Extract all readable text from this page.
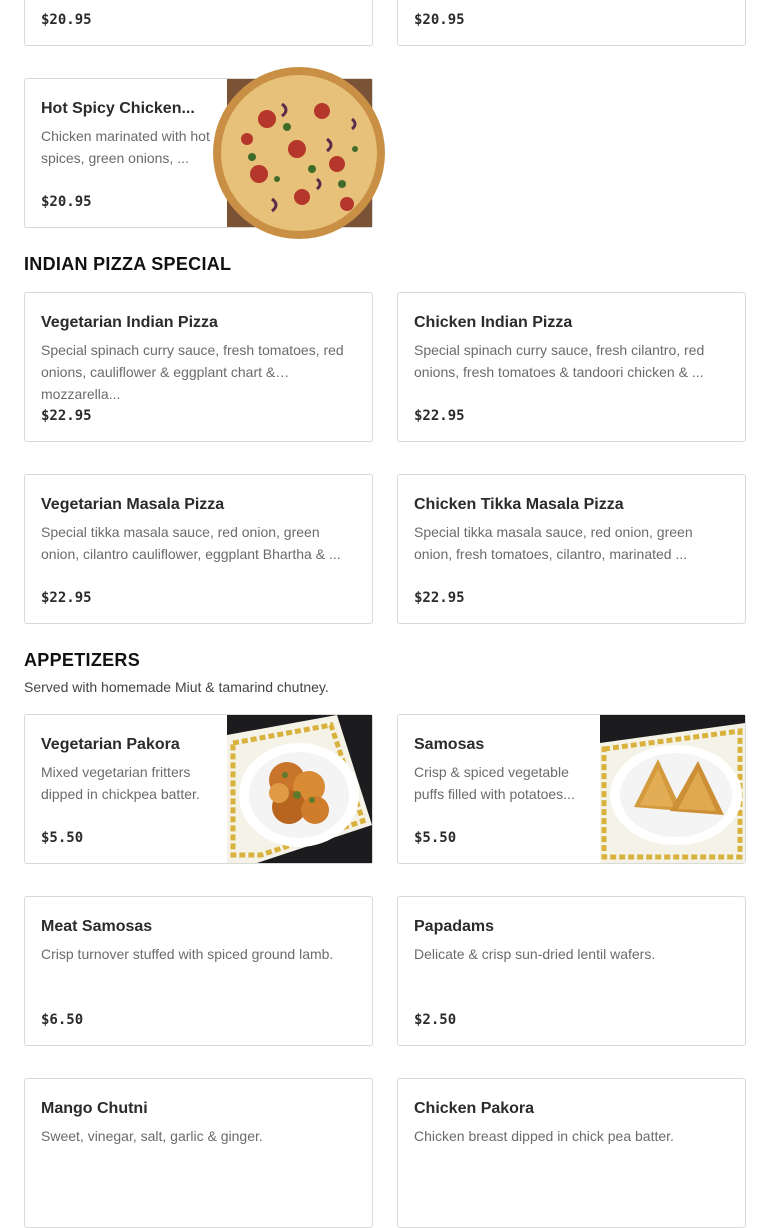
$20.95	$20.95
Hot Spicy Chicken...
Chicken marinated with hot spices, green onions, ...
$20.95
INDIAN PIZZA SPECIAL
Vegetarian Indian Pizza
Special spinach curry sauce, fresh tomatoes, red onions, cauliflower & eggplant chart & mozzarella...
$22.95
Chicken Indian Pizza
Special spinach curry sauce, fresh cilantro, red onions, fresh tomatoes & tandoori chicken & ...
$22.95
Vegetarian Masala Pizza
Special tikka masala sauce, red onion, green onion, cilantro cauliflower, eggplant Bhartha & ...
$22.95
Chicken Tikka Masala Pizza
Special tikka masala sauce, red onion, green onion, fresh tomatoes, cilantro, marinated ...
$22.95
APPETIZERS
Served with homemade Miut & tamarind chutney.
Vegetarian Pakora
Mixed vegetarian fritters dipped in chickpea batter.
$5.50
Samosas
Crisp & spiced vegetable puffs filled with potatoes...
$5.50
Meat Samosas
Crisp turnover stuffed with spiced ground lamb.
$6.50
Papadams
Delicate & crisp sun-dried lentil wafers.
$2.50
Mango Chutni
Sweet, vinegar, salt, garlic & ginger.
Chicken Pakora
Chicken breast dipped in chick pea batter.
